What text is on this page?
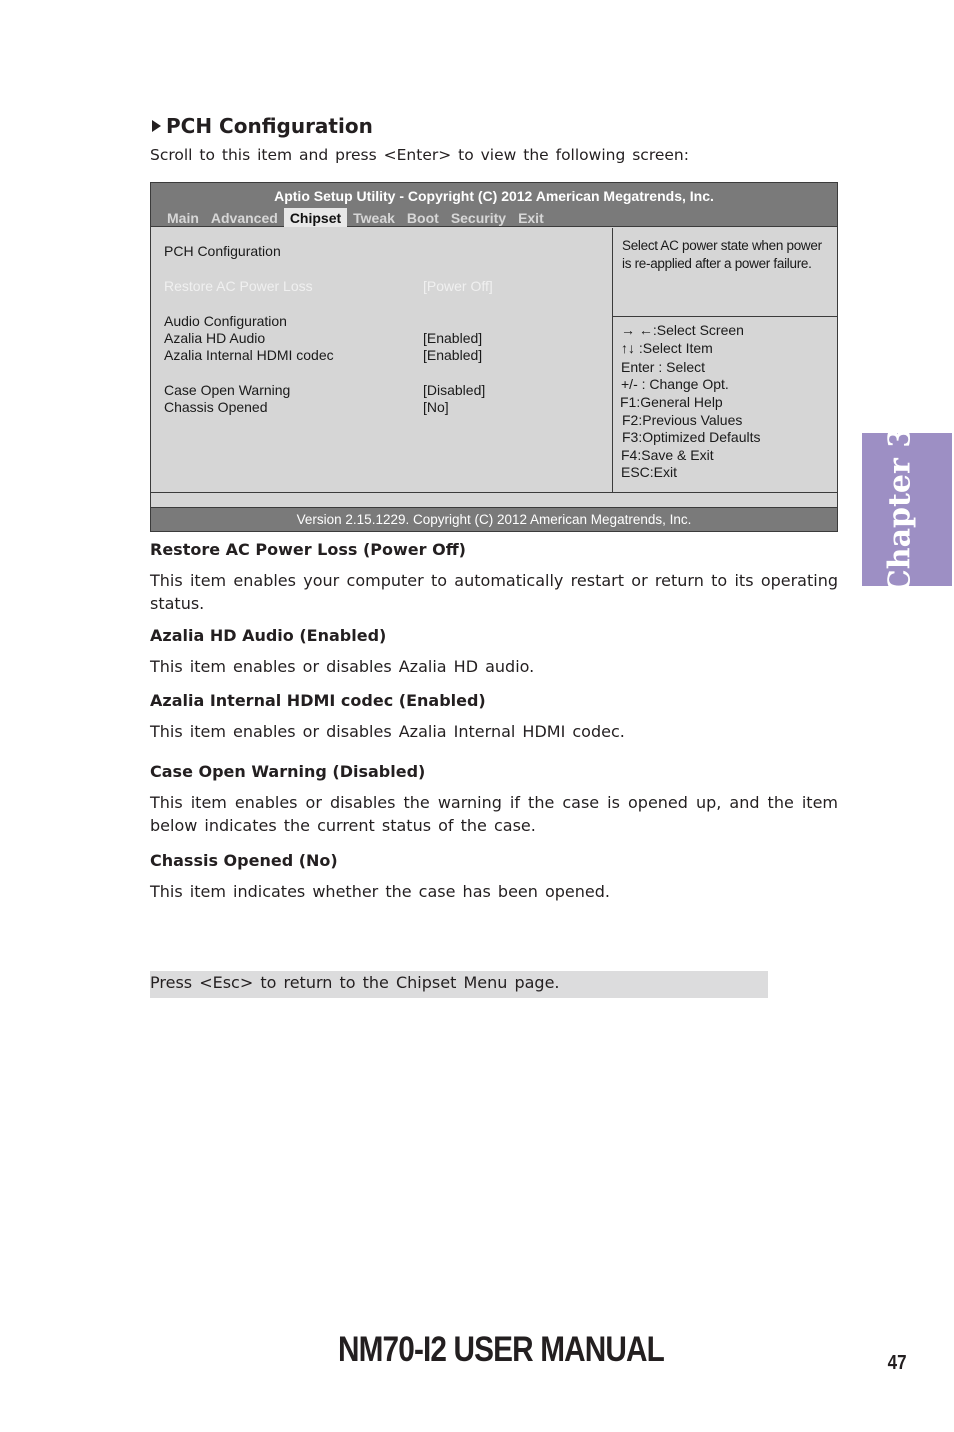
PCH Configuration
Scroll to this item and press <Enter> to view the following screen:
Aptio Setup Utility - Copyright (C) 2012 American Megatrends, Inc.
Main Advanced Chipset Tweak Boot Security Exit
PCH Configuration
Restore AC Power Loss	[Power Off]
Audio Configuration
Azalia HD Audio	[Enabled]
Azalia Internal HDMI codec	[Enabled]
Case Open Warning	[Disabled]
Chassis Opened	[No]
Select AC power state when power
is re-applied after a power failure.
→ ←:Select Screen
↑↓ :Select Item
Enter : Select
+/- : Change Opt.
F1:General Help
F2:Previous Values
F3:Optimized Defaults
F4:Save & Exit
ESC:Exit
Version 2.15.1229. Copyright (C) 2012 American Megatrends, Inc.
Restore AC Power Loss (Power Off)
This item enables your computer to automatically restart or return to its operating status.
Azalia HD Audio (Enabled)
This item enables or disables Azalia HD audio.
Azalia Internal HDMI codec (Enabled)
This item enables or disables Azalia Internal HDMI codec.
Case Open Warning (Disabled)
This item enables or disables the warning if the case is opened up, and the item below indicates the current status of the case.
Chassis Opened (No)
This item indicates whether the case has been opened.
Press <Esc> to return to the Chipset Menu page.
Chapter 3
NM70-I2 USER MANUAL	47
